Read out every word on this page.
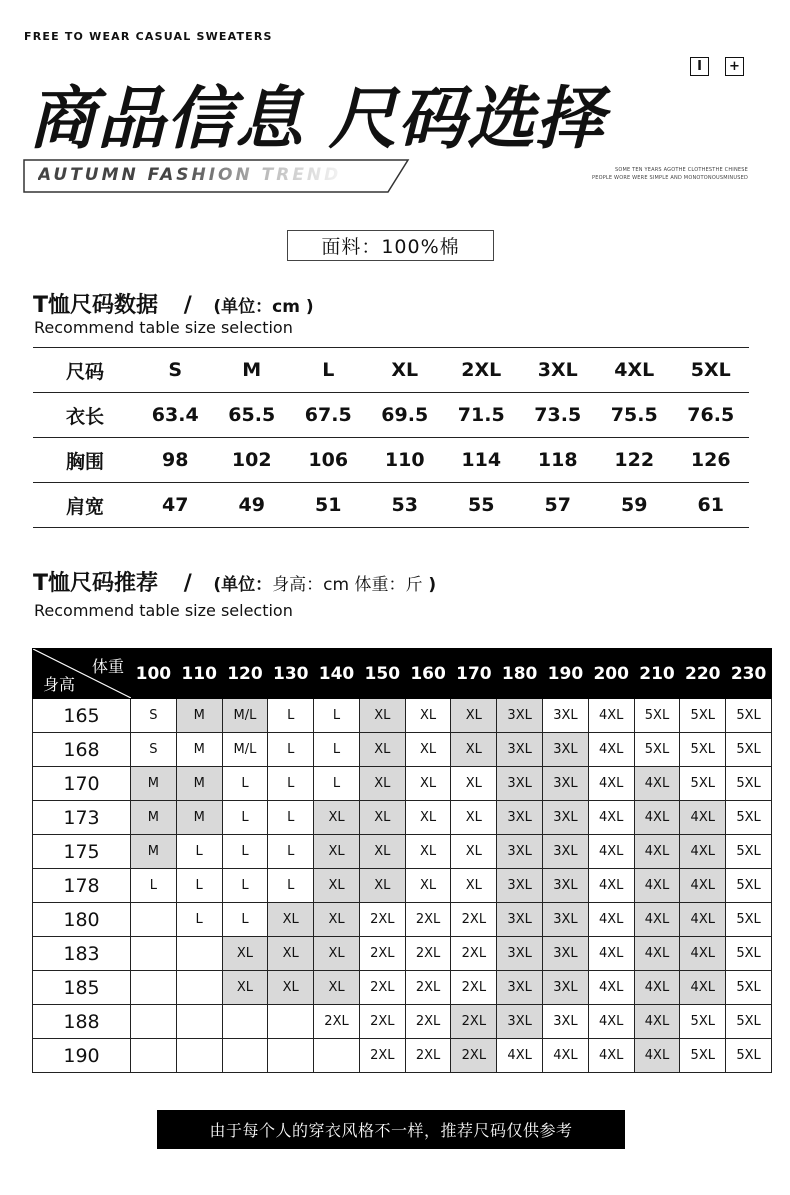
FREE TO WEAR CASUAL SWEATERS
I	+
商品信息 尺码选择
AUTUMN FASHION TREND	SOME TEN YEARS AGOTHE CLOTHESTHE CHINESE
PEOPLE WORE WERE SIMPLE AND MONOTONOUSMINUSED
面料：100%棉
T恤尺码数据 / (单位：cm )
Recommend table size selection
尺码	S	M	L	XL	2XL	3XL	4XL	5XL
衣长	63.4	65.5	67.5	69.5	71.5	73.5	75.5	76.5
胸围	98	102	106	110	114	118	122	126
肩宽	47	49	51	53	55	57	59	61
T恤尺码推荐 / (单位：身高：cm 体重：斤 )
Recommend table size selection
体重
身高	100	110	120	130	140	150	160	170	180	190	200	210	220	230
165	S	M	M/L	L	L	XL	XL	XL	3XL	3XL	4XL	5XL	5XL	5XL
168	S	M	M/L	L	L	XL	XL	XL	3XL	3XL	4XL	5XL	5XL	5XL
170	M	M	L	L	L	XL	XL	XL	3XL	3XL	4XL	4XL	5XL	5XL
173	M	M	L	L	XL	XL	XL	XL	3XL	3XL	4XL	4XL	4XL	5XL
175	M	L	L	L	XL	XL	XL	XL	3XL	3XL	4XL	4XL	4XL	5XL
178	L	L	L	L	XL	XL	XL	XL	3XL	3XL	4XL	4XL	4XL	5XL
180		L	L	XL	XL	2XL	2XL	2XL	3XL	3XL	4XL	4XL	4XL	5XL
183			XL	XL	XL	2XL	2XL	2XL	3XL	3XL	4XL	4XL	4XL	5XL
185			XL	XL	XL	2XL	2XL	2XL	3XL	3XL	4XL	4XL	4XL	5XL
188					2XL	2XL	2XL	2XL	3XL	3XL	4XL	4XL	5XL	5XL
190						2XL	2XL	2XL	4XL	4XL	4XL	4XL	5XL	5XL
由于每个人的穿衣风格不一样，推荐尺码仅供参考
